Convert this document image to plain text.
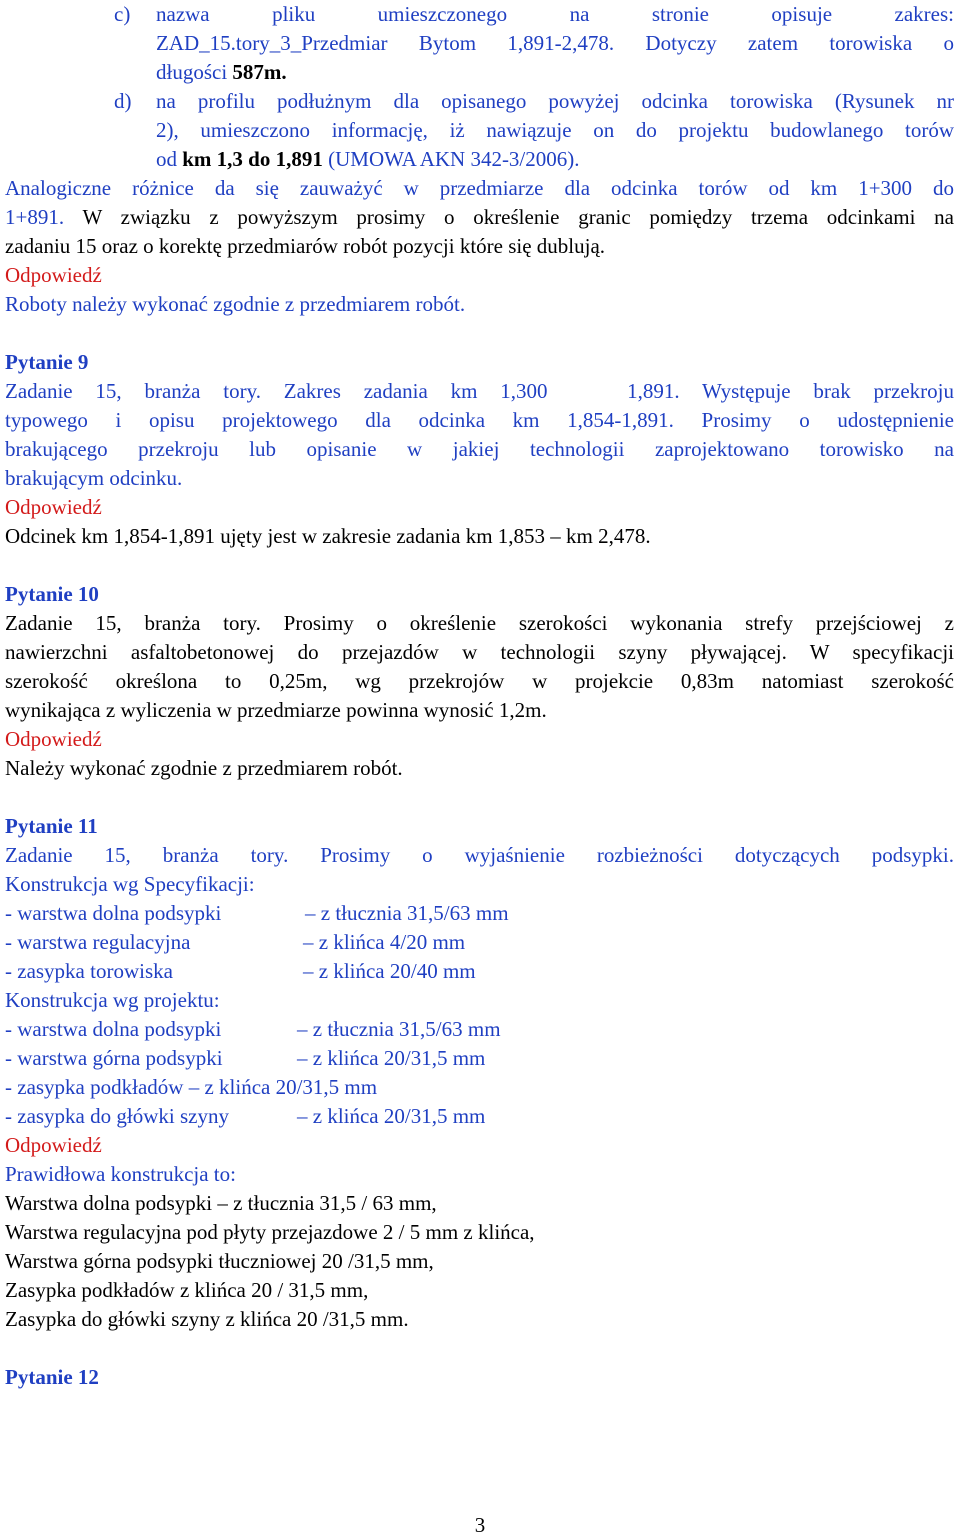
c)	nazwa pliku umieszczonego na stronie opisuje zakres:
ZAD_15.tory_3_Przedmiar Bytom 1,891-2,478. Dotyczy zatem torowiska o
długości 587m.
d)	na profilu podłużnym dla opisanego powyżej odcinka torowiska (Rysunek nr
2), umieszczono informację, iż nawiązuje on do projektu budowlanego torów
od km 1,3 do 1,891 (UMOWA AKN 342-3/2006).
Analogiczne różnice da się zauważyć w przedmiarze dla odcinka torów od km 1+300 do
1+891. W związku z powyższym prosimy o określenie granic pomiędzy trzema odcinkami na
zadaniu 15 oraz o korektę przedmiarów robót pozycji które się dublują.
Odpowiedź
Roboty należy wykonać zgodnie z przedmiarem robót.
Pytanie 9
Zadanie 15, branża tory. Zakres zadania km 1,300  1,891. Występuje brak przekroju
typowego i opisu projektowego dla odcinka km 1,854-1,891. Prosimy o udostępnienie
brakującego przekroju lub opisanie w jakiej technologii zaprojektowano torowisko na
brakującym odcinku.
Odpowiedź
Odcinek km 1,854-1,891 ujęty jest w zakresie zadania km 1,853 – km 2,478.
Pytanie 10
Zadanie 15, branża tory. Prosimy o określenie szerokości wykonania strefy przejściowej z
nawierzchni asfaltobetonowej do przejazdów w technologii szyny pływającej. W specyfikacji
szerokość określona to 0,25m, wg przekrojów w projekcie 0,83m natomiast szerokość
wynikająca z wyliczenia w przedmiarze powinna wynosić 1,2m.
Odpowiedź
Należy wykonać zgodnie z przedmiarem robót.
Pytanie 11
Zadanie 15, branża tory. Prosimy o wyjaśnienie rozbieżności dotyczących podsypki.
Konstrukcja wg Specyfikacji:
- warstwa dolna podsypki	– z tłucznia 31,5/63 mm
- warstwa regulacyjna	– z klińca 4/20 mm
- zasypka torowiska	– z klińca 20/40 mm
Konstrukcja wg projektu:
- warstwa dolna podsypki	– z tłucznia 31,5/63 mm
- warstwa górna podsypki	– z klińca 20/31,5 mm
- zasypka podkładów – z klińca 20/31,5 mm
- zasypka do główki szyny	– z klińca 20/31,5 mm
Odpowiedź
Prawidłowa konstrukcja to:
Warstwa dolna podsypki – z tłucznia 31,5 / 63 mm,
Warstwa regulacyjna pod płyty przejazdowe 2 / 5 mm z klińca,
Warstwa górna podsypki tłuczniowej 20 /31,5 mm,
Zasypka podkładów z klińca 20 / 31,5 mm,
Zasypka do główki szyny z klińca 20 /31,5 mm.
Pytanie 12
3
